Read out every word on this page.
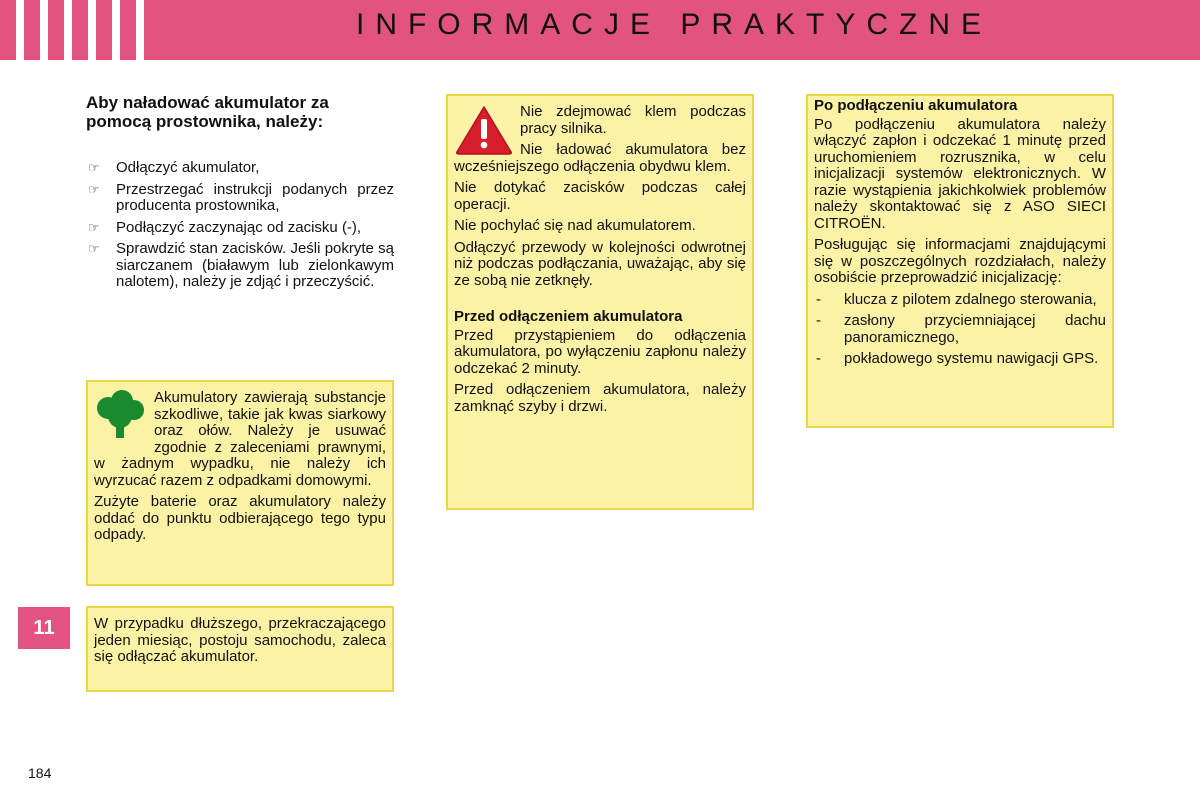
INFORMACJE PRAKTYCZNE
11
184
Aby naładować akumulator za pomocą prostownika, należy:
☞ Odłączyć akumulator,
☞ Przestrzegać instrukcji podanych przez producenta prostownika,
☞ Podłączyć zaczynając od zacisku (-),
☞ Sprawdzić stan zacisków. Jeśli pokryte są siarczanem (białawym lub zielonkawym nalotem), należy je zdjąć i przeczyścić.

Akumulatory zawierają substancje szkodliwe, takie jak kwas siarkowy oraz ołów. Należy je usuwać zgodnie z zaleceniami prawnymi, w żadnym wypadku, nie należy ich wyrzucać razem z odpadkami domowymi.

Zużyte baterie oraz akumulatory należy oddać do punktu odbierającego tego typu odpady.

W przypadku dłuższego, przekraczającego jeden miesiąc, postoju samochodu, zaleca się odłączać akumulator.

Nie zdejmować klem podczas pracy silnika.

Nie ładować akumulatora bez wcześniejszego odłączenia obydwu klem.

Nie dotykać zacisków podczas całej operacji.

Nie pochylać się nad akumulatorem.

Odłączyć przewody w kolejności odwrotnej niż podczas podłączania, uważając, aby się ze sobą nie zetknęły.

Przed odłączeniem akumulatora

Przed przystąpieniem do odłączenia akumulatora, po wyłączeniu zapłonu należy odczekać 2 minuty.

Przed odłączeniem akumulatora, należy zamknąć szyby i drzwi.

Po podłączeniu akumulatora

Po podłączeniu akumulatora należy włączyć zapłon i odczekać 1 minutę przed uruchomieniem rozrusznika, w celu inicjalizacji systemów elektronicznych. W razie wystąpienia jakichkolwiek problemów należy skontaktować się z ASO SIECI CITROËN.

Posługując się informacjami znajdującymi się w poszczególnych rozdziałach, należy osobiście przeprowadzić inicjalizację:

- klucza z pilotem zdalnego sterowania,
- zasłony przyciemniającej dachu panoramicznego,
- pokładowego systemu nawigacji GPS.
